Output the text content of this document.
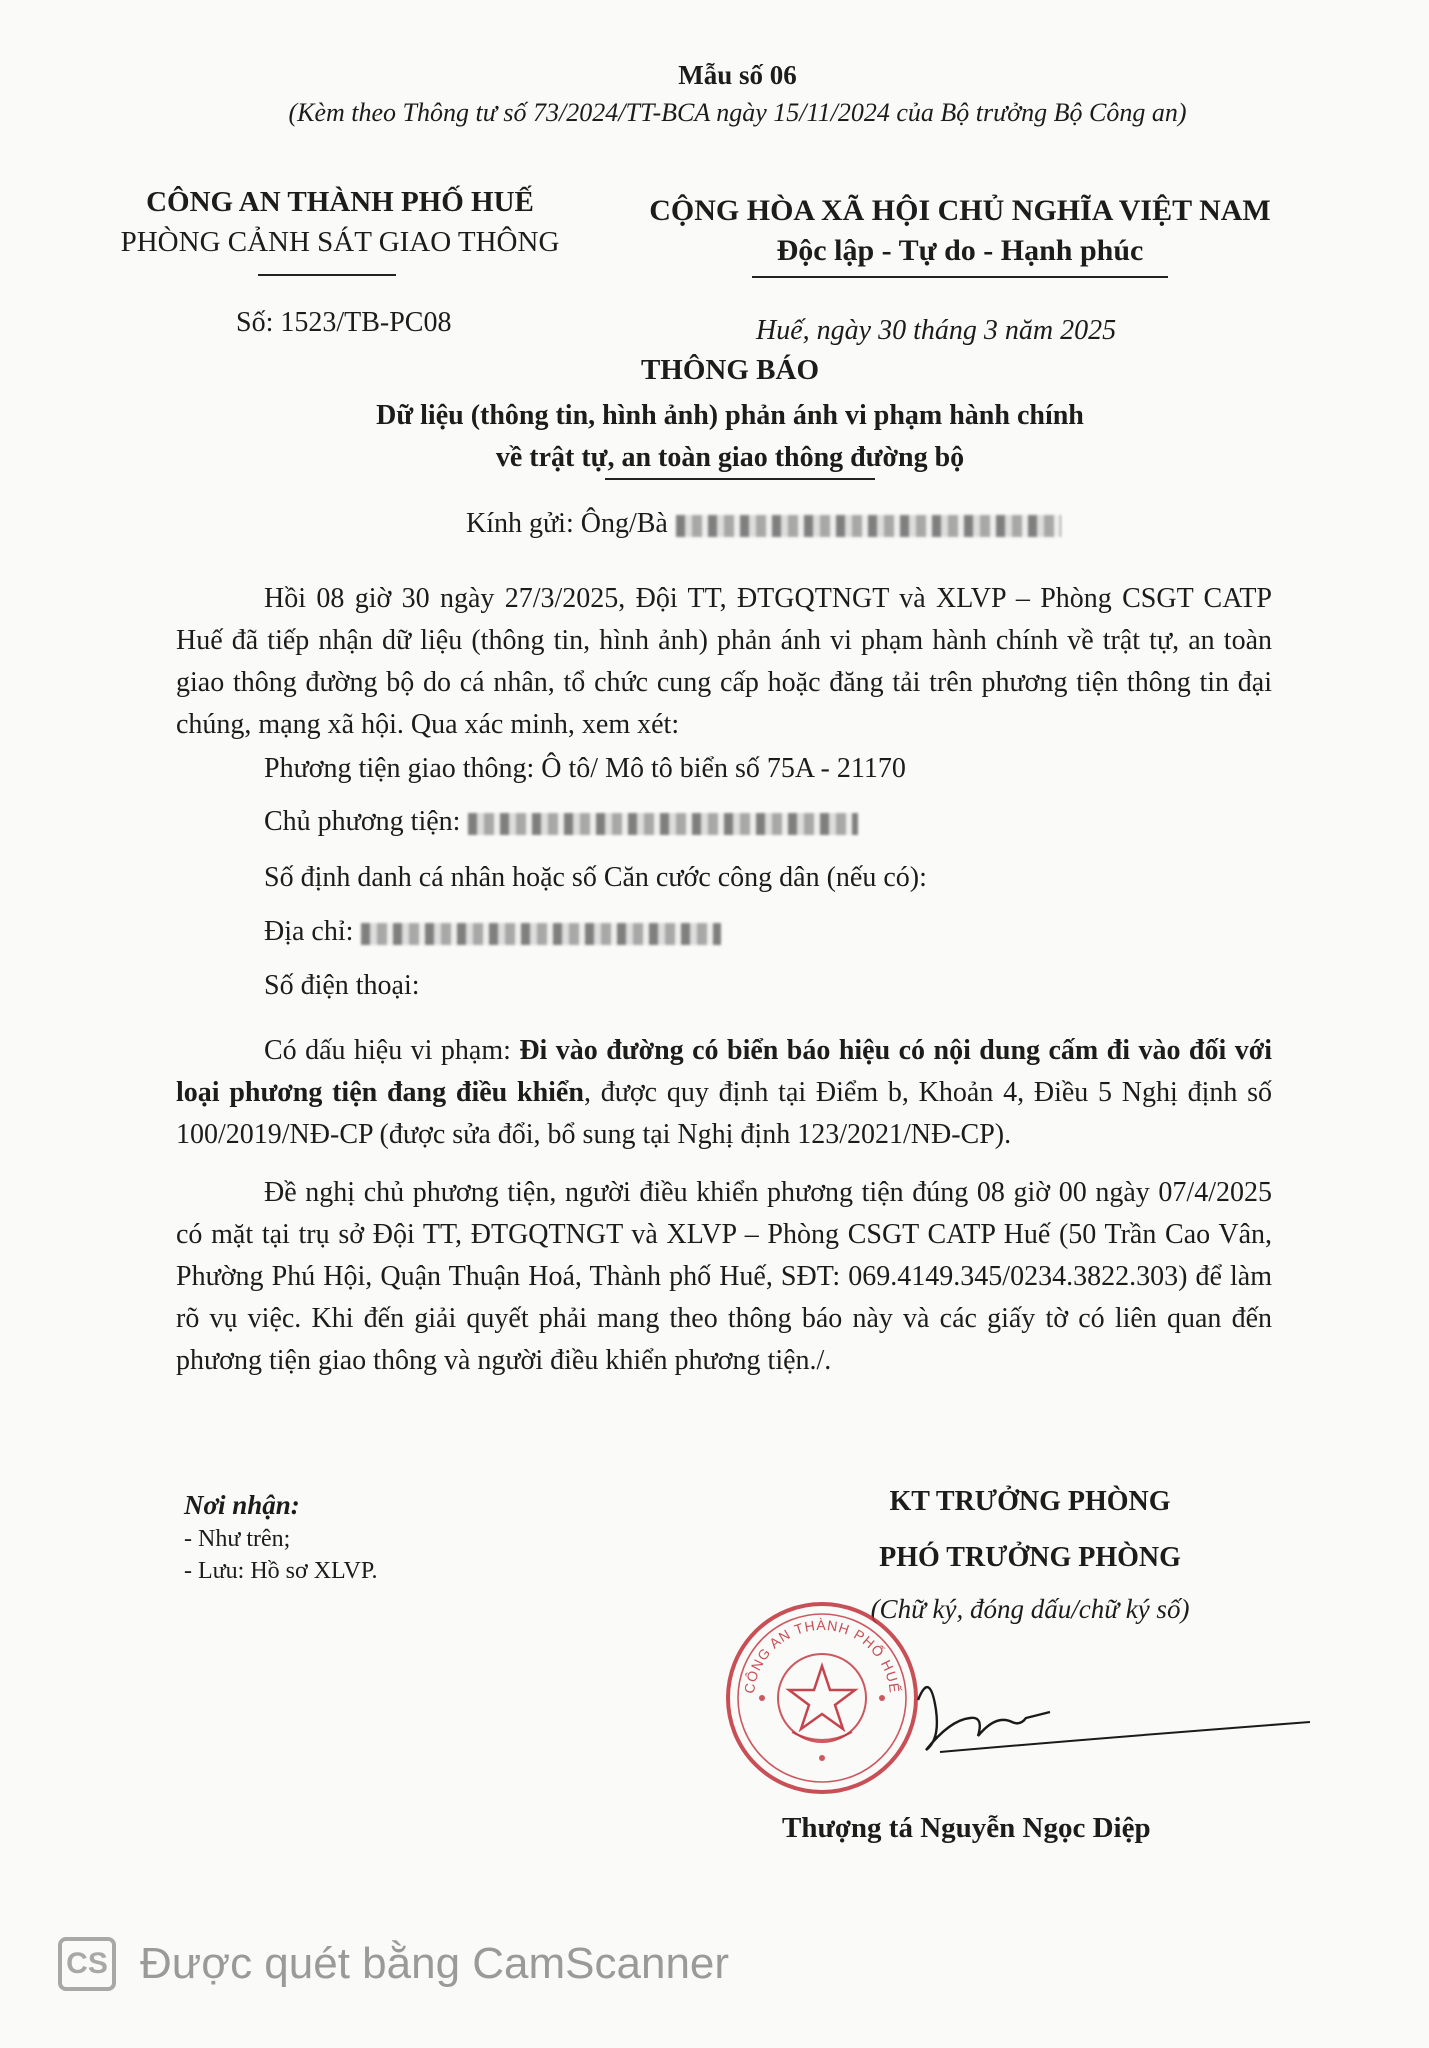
Mẫu số 06
(Kèm theo Thông tư số 73/2024/TT-BCA ngày 15/11/2024 của Bộ trưởng Bộ Công an)
CÔNG AN THÀNH PHỐ HUẾ
PHÒNG CẢNH SÁT GIAO THÔNG
CỘNG HÒA XÃ HỘI CHỦ NGHĨA VIỆT NAM
Độc lập - Tự do - Hạnh phúc
Số: 1523/TB-PC08	Huế, ngày 30 tháng 3 năm 2025
THÔNG BÁO
Dữ liệu (thông tin, hình ảnh) phản ánh vi phạm hành chính
về trật tự, an toàn giao thông đường bộ
Kính gửi: Ông/Bà

Hồi 08 giờ 30 ngày 27/3/2025, Đội TT, ĐTGQTNGT và XLVP – Phòng CSGT CATP Huế đã tiếp nhận dữ liệu (thông tin, hình ảnh) phản ánh vi phạm hành chính về trật tự, an toàn giao thông đường bộ do cá nhân, tổ chức cung cấp hoặc đăng tải trên phương tiện thông tin đại chúng, mạng xã hội. Qua xác minh, xem xét:

Phương tiện giao thông: Ô tô/ Mô tô biển số 75A - 21170
Chủ phương tiện:
Số định danh cá nhân hoặc số Căn cước công dân (nếu có):
Địa chỉ:
Số điện thoại:

Có dấu hiệu vi phạm: Đi vào đường có biển báo hiệu có nội dung cấm đi vào đối với loại phương tiện đang điều khiển, được quy định tại Điểm b, Khoản 4, Điều 5 Nghị định số 100/2019/NĐ-CP (được sửa đổi, bổ sung tại Nghị định 123/2021/NĐ-CP).

Đề nghị chủ phương tiện, người điều khiển phương tiện đúng 08 giờ 00 ngày 07/4/2025 có mặt tại trụ sở Đội TT, ĐTGQTNGT và XLVP – Phòng CSGT CATP Huế (50 Trần Cao Vân, Phường Phú Hội, Quận Thuận Hoá, Thành phố Huế, SĐT: 069.4149.345/0234.3822.303) để làm rõ vụ việc. Khi đến giải quyết phải mang theo thông báo này và các giấy tờ có liên quan đến phương tiện giao thông và người điều khiển phương tiện./.

Nơi nhận:
- Như trên;
- Lưu: Hồ sơ XLVP.
KT TRƯỞNG PHÒNG
PHÓ TRƯỞNG PHÒNG
(Chữ ký, đóng dấu/chữ ký số)
CÔNG AN THÀNH PHỐ HUẾ
Thượng tá Nguyễn Ngọc Diệp
CS Được quét bằng CamScanner
